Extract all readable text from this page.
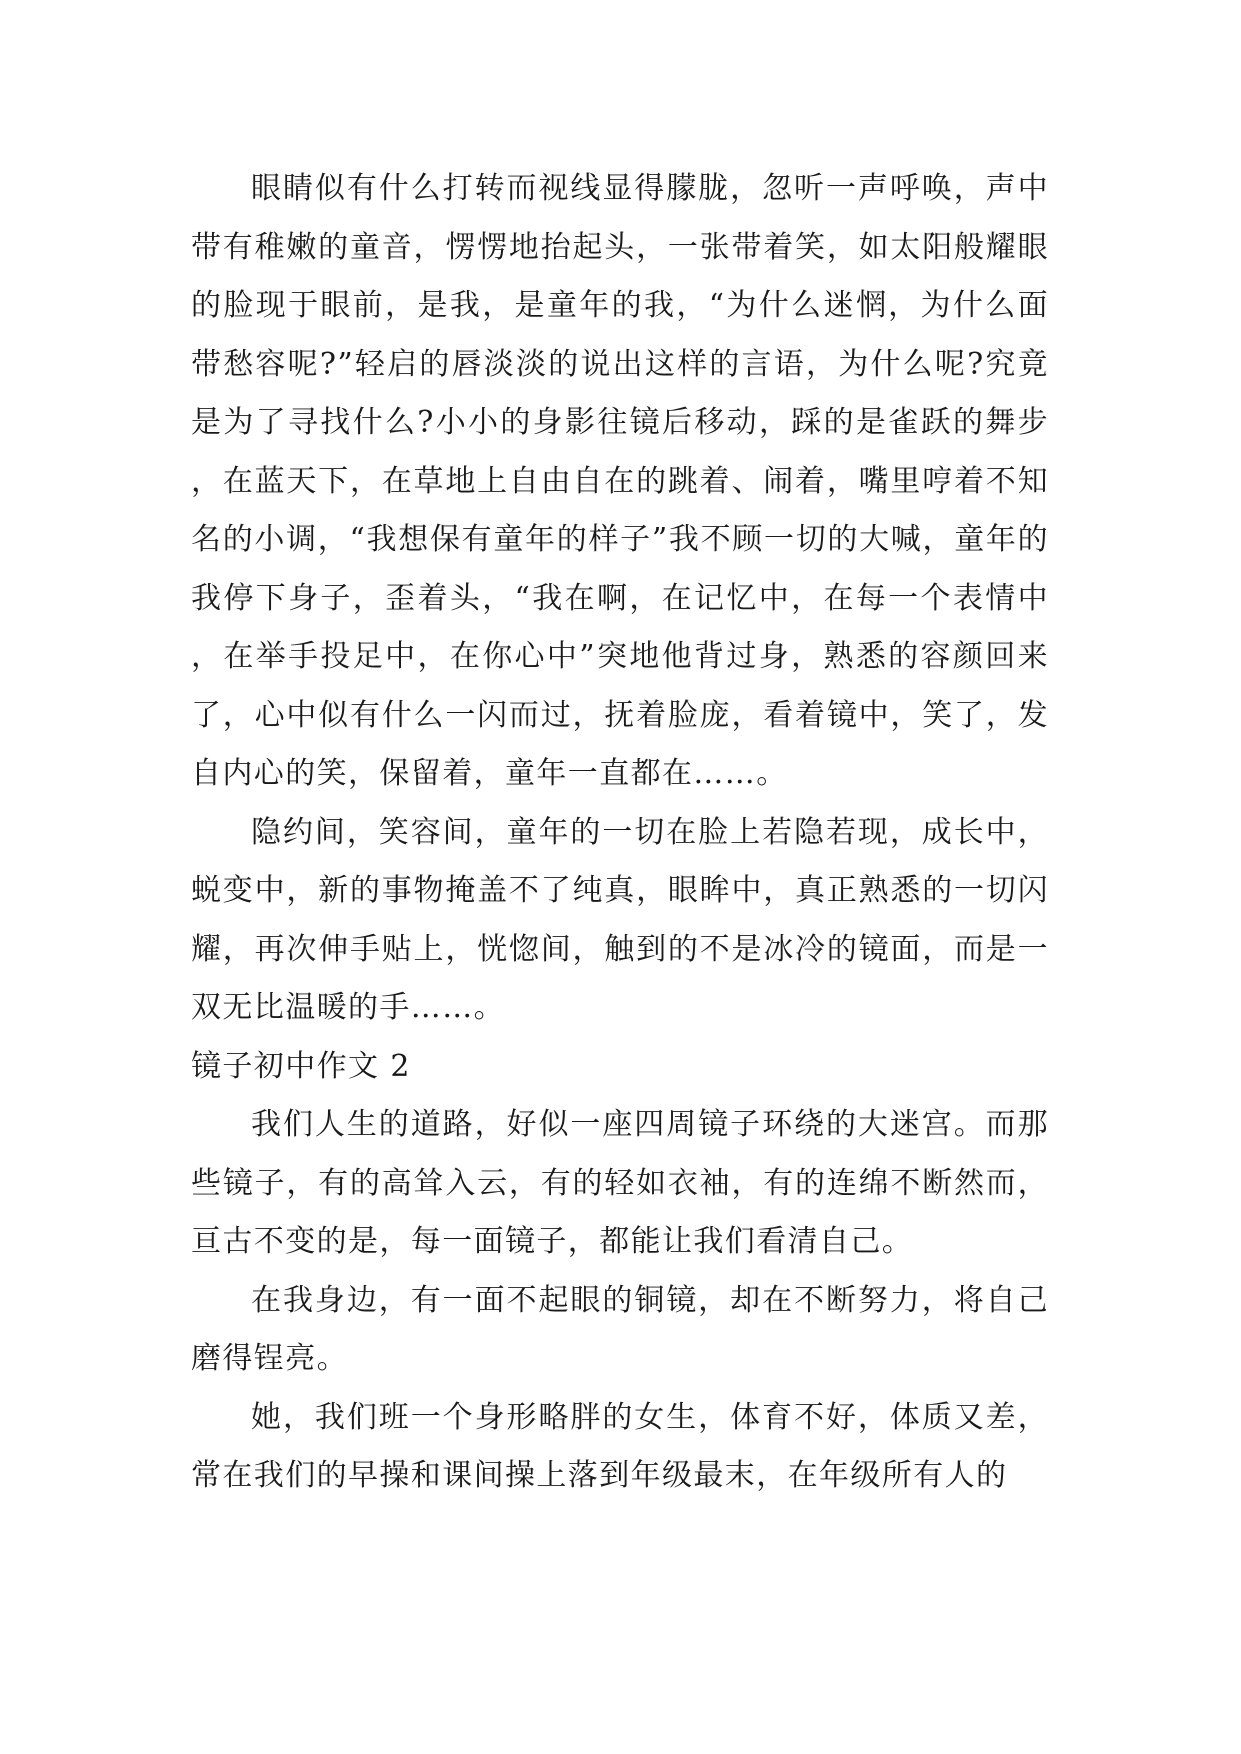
眼睛似有什么打转而视线显得朦胧，忽听一声呼唤，声中带有稚嫩的童音，愣愣地抬起头，一张带着笑，如太阳般耀眼的脸现于眼前，是我，是童年的我，“为什么迷惘，为什么面带愁容呢?”轻启的唇淡淡的说出这样的言语，为什么呢?究竟是为了寻找什么?小小的身影往镜后移动，踩的是雀跃的舞步，在蓝天下，在草地上自由自在的跳着、闹着，嘴里哼着不知名的小调，“我想保有童年的样子”我不顾一切的大喊，童年的我停下身子，歪着头，“我在啊，在记忆中，在每一个表情中，在举手投足中，在你心中”突地他背过身，熟悉的容颜回来了，心中似有什么一闪而过，抚着脸庞，看着镜中，笑了，发自内心的笑，保留着，童年一直都在……。

隐约间，笑容间，童年的一切在脸上若隐若现，成长中，蜕变中，新的事物掩盖不了纯真，眼眸中，真正熟悉的一切闪耀，再次伸手贴上，恍惚间，触到的不是冰冷的镜面，而是一双无比温暖的手……。

镜子初中作文 2

我们人生的道路，好似一座四周镜子环绕的大迷宫。而那些镜子，有的高耸入云，有的轻如衣袖，有的连绵不断然而，亘古不变的是，每一面镜子，都能让我们看清自己。

在我身边，有一面不起眼的铜镜，却在不断努力，将自己磨得锃亮。

她，我们班一个身形略胖的女生，体育不好，体质又差，常在我们的早操和课间操上落到年级最末，在年级所有人的
